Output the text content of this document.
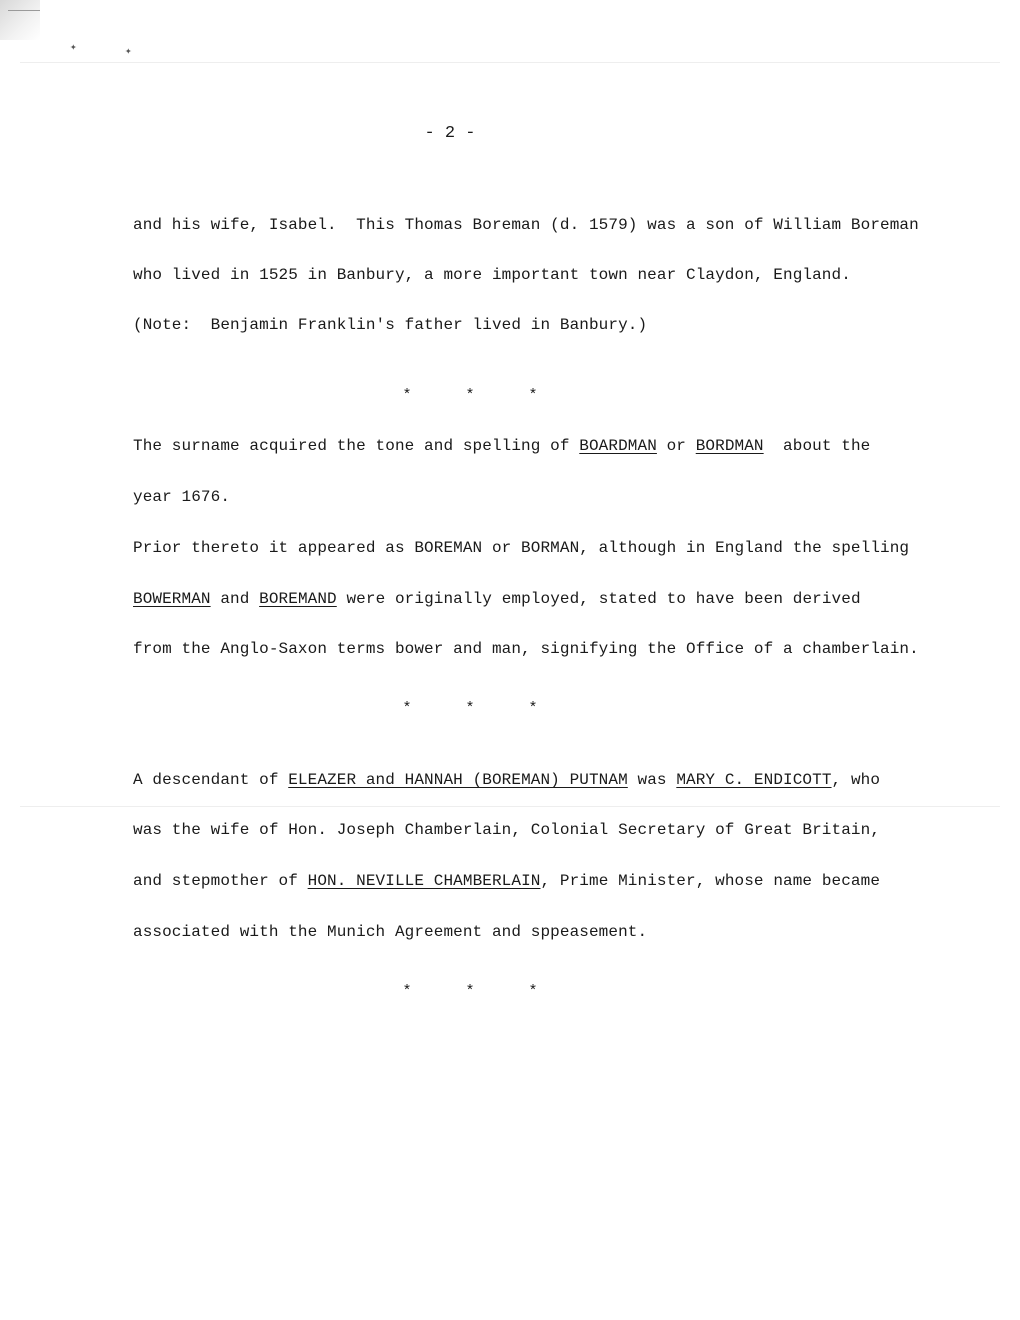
✦	✦
- 2 -
and his wife, Isabel.  This Thomas Boreman (d. 1579) was a son of William Boreman
who lived in 1525 in Banbury, a more important town near Claydon, England.
(Note:  Benjamin Franklin's father lived in Banbury.)
*	*	*
The surname acquired the tone and spelling of BOARDMAN or BORDMAN  about the
year 1676.
Prior thereto it appeared as BOREMAN or BORMAN, although in England the spelling
BOWERMAN and BOREMAND were originally employed, stated to have been derived
from the Anglo-Saxon terms bower and man, signifying the Office of a chamberlain.
*	*	*
A descendant of ELEAZER and HANNAH (BOREMAN) PUTNAM was MARY C. ENDICOTT, who
was the wife of Hon. Joseph Chamberlain, Colonial Secretary of Great Britain,
and stepmother of HON. NEVILLE CHAMBERLAIN, Prime Minister, whose name became
associated with the Munich Agreement and sppeasement.
*	*	*
